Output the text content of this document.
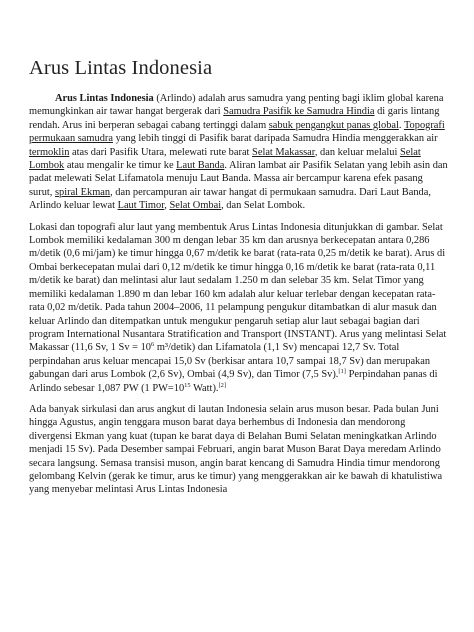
Arus Lintas Indonesia

Arus Lintas Indonesia (Arlindo) adalah arus samudra yang penting bagi iklim global karena memungkinkan air tawar hangat bergerak dari Samudra Pasifik ke Samudra Hindia di garis lintang rendah. Arus ini berperan sebagai cabang tertinggi dalam sabuk pengangkut panas global. Topografi permukaan samudra yang lebih tinggi di Pasifik barat daripada Samudra Hindia menggerakkan air termoklin atas dari Pasifik Utara, melewati rute barat Selat Makassar, dan keluar melalui Selat Lombok atau mengalir ke timur ke Laut Banda. Aliran lambat air Pasifik Selatan yang lebih asin dan padat melewati Selat Lifamatola menuju Laut Banda. Massa air bercampur karena efek pasang surut, spiral Ekman, dan percampuran air tawar hangat di permukaan samudra. Dari Laut Banda, Arlindo keluar lewat Laut Timor, Selat Ombai, dan Selat Lombok.

Lokasi dan topografi alur laut yang membentuk Arus Lintas Indonesia ditunjukkan di gambar. Selat Lombok memiliki kedalaman 300 m dengan lebar 35 km dan arusnya berkecepatan antara 0,286 m/detik (0,6 mi/jam) ke timur hingga 0,67 m/detik ke barat (rata-rata 0,25 m/detik ke barat). Arus di Ombai berkecepatan mulai dari 0,12 m/detik ke timur hingga 0,16 m/detik ke barat (rata-rata 0,11 m/detik ke barat) dan melintasi alur laut sedalam 1.250 m dan selebar 35 km. Selat Timor yang memiliki kedalaman 1.890 m dan lebar 160 km adalah alur keluar terlebar dengan kecepatan rata-rata 0,02 m/detik. Pada tahun 2004–2006, 11 pelampung pengukur ditambatkan di alur masuk dan keluar Arlindo dan ditempatkan untuk mengukur pengaruh setiap alur laut sebagai bagian dari program International Nusantara Stratification and Transport (INSTANT). Arus yang melintasi Selat Makassar (11,6 Sv, 1 $Sv = 10^6$ m³/detik) dan Lifamatola (1,1 Sv) mencapai 12,7 Sv. Total perpindahan arus keluar mencapai 15,0 Sv (berkisar antara 10,7 sampai 18,7 Sv) dan merupakan gabungan dari arus Lombok (2,6 Sv), Ombai (4,9 Sv), dan Timor (7,5 Sv).[1] Perpindahan panas di Arlindo sebesar 1,087 PW (1 $PW=10^{15}$ Watt).[2]

Ada banyak sirkulasi dan arus angkut di lautan Indonesia selain arus muson besar. Pada bulan Juni hingga Agustus, angin tenggara muson barat daya berhembus di Indonesia dan mendorong divergensi Ekman yang kuat (tupan ke barat daya di Belahan Bumi Selatan meningkatkan Arlindo menjadi 15 Sv). Pada Desember sampai Februari, angin barat Muson Barat Daya meredam Arlindo secara langsung. Semasa transisi muson, angin barat kencang di Samudra Hindia timur mendorong gelombang Kelvin (gerak ke timur, arus ke timur) yang menggerakkan air ke bawah di khatulistiwa yang menyebar melintasi Arus Lintas Indonesia
